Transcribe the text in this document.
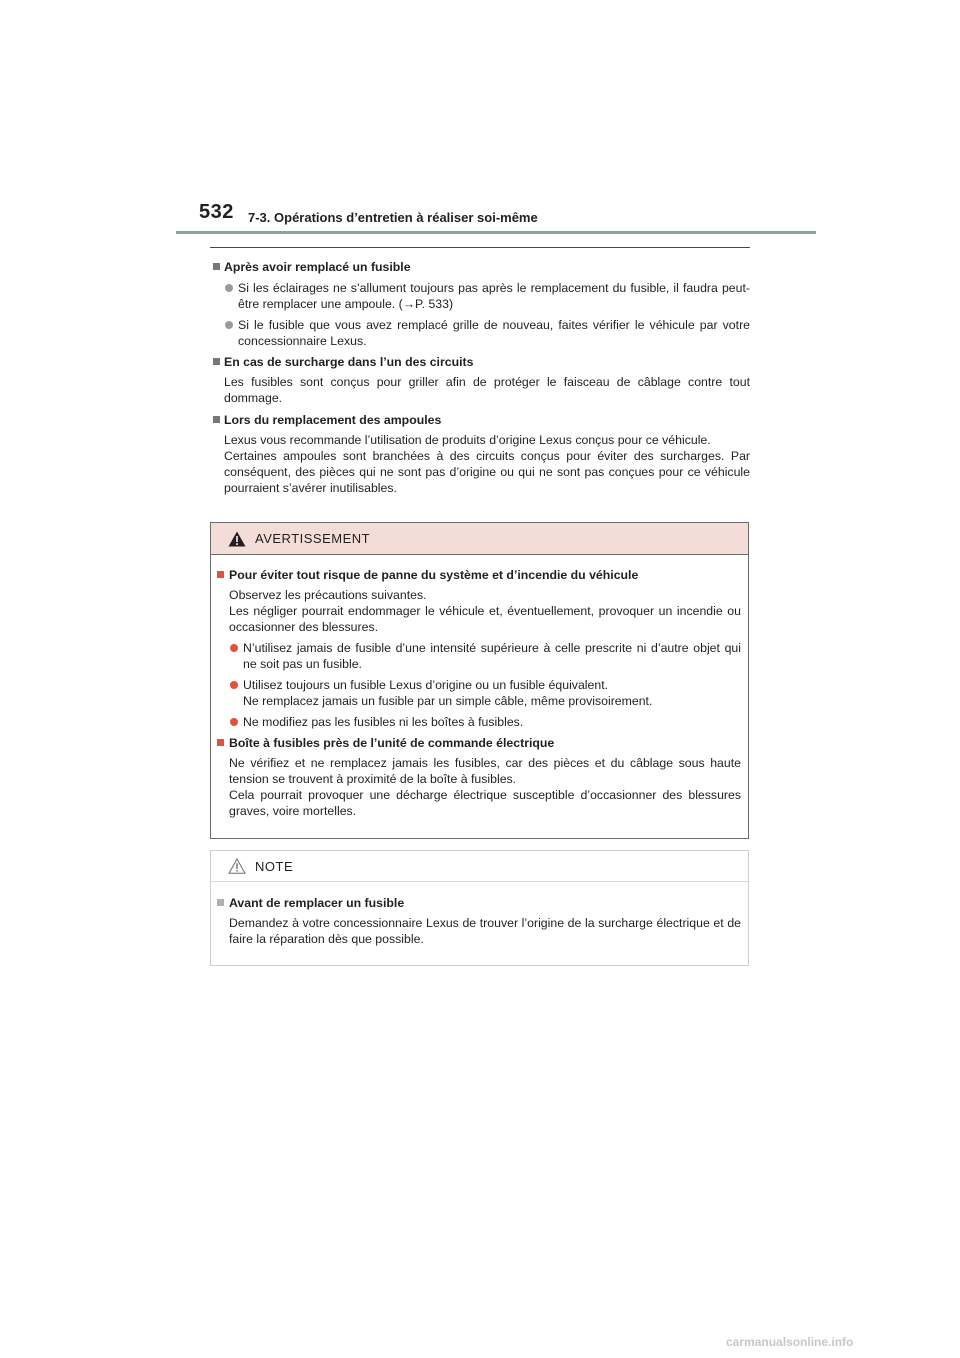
532 7-3. Opérations d’entretien à réaliser soi-même
Après avoir remplacé un fusible
Si les éclairages ne s’allument toujours pas après le remplacement du fusible, il faudra peut-être remplacer une ampoule. (→P. 533)
Si le fusible que vous avez remplacé grille de nouveau, faites vérifier le véhicule par votre concessionnaire Lexus.
En cas de surcharge dans l’un des circuits
Les fusibles sont conçus pour griller afin de protéger le faisceau de câblage contre tout dommage.
Lors du remplacement des ampoules
Lexus vous recommande l’utilisation de produits d’origine Lexus conçus pour ce véhicule.
Certaines ampoules sont branchées à des circuits conçus pour éviter des surcharges. Par conséquent, des pièces qui ne sont pas d’origine ou qui ne sont pas conçues pour ce véhicule pourraient s’avérer inutilisables.
AVERTISSEMENT
Pour éviter tout risque de panne du système et d’incendie du véhicule
Observez les précautions suivantes.
Les négliger pourrait endommager le véhicule et, éventuellement, provoquer un incendie ou occasionner des blessures.
N’utilisez jamais de fusible d’une intensité supérieure à celle prescrite ni d’autre objet qui ne soit pas un fusible.
Utilisez toujours un fusible Lexus d’origine ou un fusible équivalent.
Ne remplacez jamais un fusible par un simple câble, même provisoirement.
Ne modifiez pas les fusibles ni les boîtes à fusibles.
Boîte à fusibles près de l’unité de commande électrique
Ne vérifiez et ne remplacez jamais les fusibles, car des pièces et du câblage sous haute tension se trouvent à proximité de la boîte à fusibles.
Cela pourrait provoquer une décharge électrique susceptible d’occasionner des blessures graves, voire mortelles.
NOTE
Avant de remplacer un fusible
Demandez à votre concessionnaire Lexus de trouver l’origine de la surcharge électrique et de faire la réparation dès que possible.
carmanualsonline.info
